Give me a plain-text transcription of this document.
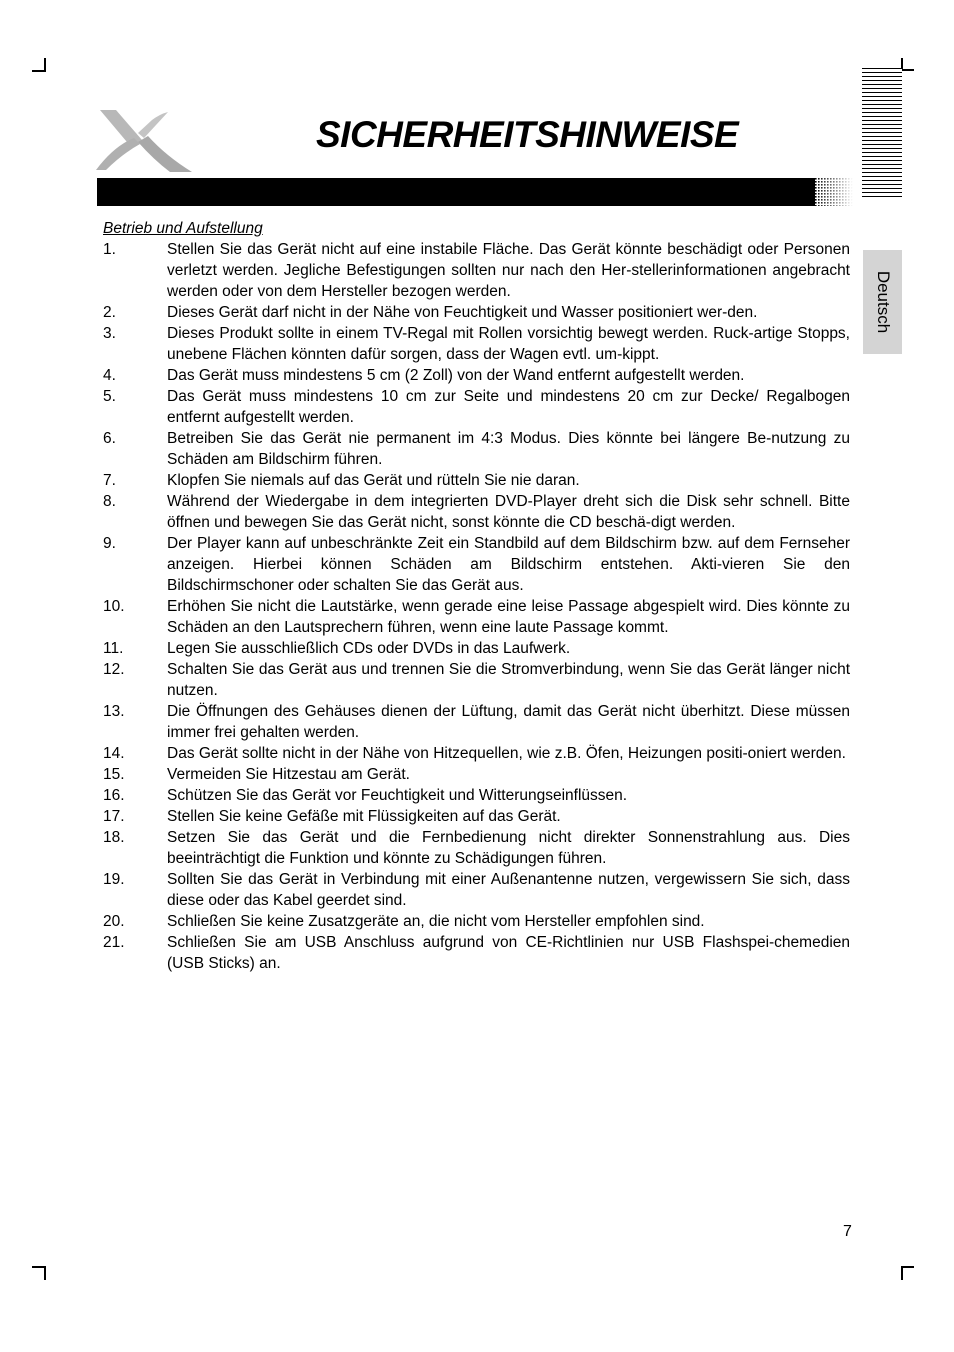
SICHERHEITSHINWEISE
Deutsch

Betrieb und Aufstellung

1.	Stellen Sie das Gerät nicht auf eine instabile Fläche. Das Gerät könnte beschädigt oder Personen verletzt werden. Jegliche Befestigungen sollten nur nach den Her-stellerinformationen angebracht werden oder von dem Hersteller bezogen werden.
2.	Dieses Gerät darf nicht in der Nähe von Feuchtigkeit und Wasser positioniert wer-den.
3.	Dieses Produkt sollte in einem TV-Regal mit Rollen vorsichtig bewegt werden. Ruck-artige Stopps, unebene Flächen könnten dafür sorgen, dass der Wagen evtl. um-kippt.
4.	Das Gerät muss mindestens 5 cm (2 Zoll) von der Wand entfernt aufgestellt werden.
5.	Das Gerät muss mindestens 10 cm zur Seite und mindestens 20 cm zur Decke/ Regalbogen entfernt aufgestellt werden.
6.	Betreiben Sie das Gerät nie permanent im 4:3 Modus. Dies könnte bei längere Be-nutzung zu Schäden am Bildschirm führen.
7.	Klopfen Sie niemals auf das Gerät und rütteln Sie nie daran.
8.	Während der Wiedergabe in dem integrierten DVD-Player dreht sich die Disk sehr schnell. Bitte öffnen und bewegen Sie das Gerät nicht, sonst könnte die CD beschä-digt werden.
9.	Der Player kann auf unbeschränkte Zeit ein Standbild auf dem Bildschirm bzw. auf dem Fernseher anzeigen. Hierbei können Schäden am Bildschirm entstehen. Akti-vieren Sie den Bildschirmschoner oder schalten Sie das Gerät aus.
10.	Erhöhen Sie nicht die Lautstärke, wenn gerade eine leise Passage abgespielt wird. Dies könnte zu Schäden an den Lautsprechern führen, wenn eine laute Passage kommt.
11.	Legen Sie ausschließlich CDs oder DVDs in das Laufwerk.
12.	Schalten Sie das Gerät aus und trennen Sie die Stromverbindung, wenn Sie das Gerät länger nicht nutzen.
13.	Die Öffnungen des Gehäuses dienen der Lüftung, damit das Gerät nicht überhitzt. Diese müssen immer frei gehalten werden.
14.	Das Gerät sollte nicht in der Nähe von Hitzequellen, wie z.B. Öfen, Heizungen positi-oniert werden.
15.	Vermeiden Sie Hitzestau am Gerät.
16.	Schützen Sie das Gerät vor Feuchtigkeit und Witterungseinflüssen.
17.	Stellen Sie keine Gefäße mit Flüssigkeiten auf das Gerät.
18.	Setzen Sie das Gerät und die Fernbedienung nicht direkter Sonnenstrahlung aus. Dies beeinträchtigt die Funktion und könnte zu Schädigungen führen.
19.	Sollten Sie das Gerät in Verbindung mit einer Außenantenne nutzen, vergewissern Sie sich, dass diese oder das Kabel geerdet sind.
20.	Schließen Sie keine Zusatzgeräte an, die nicht vom Hersteller empfohlen sind.
21.	Schließen Sie am USB Anschluss aufgrund von CE-Richtlinien nur USB Flashspei-chemedien (USB Sticks) an.
7
